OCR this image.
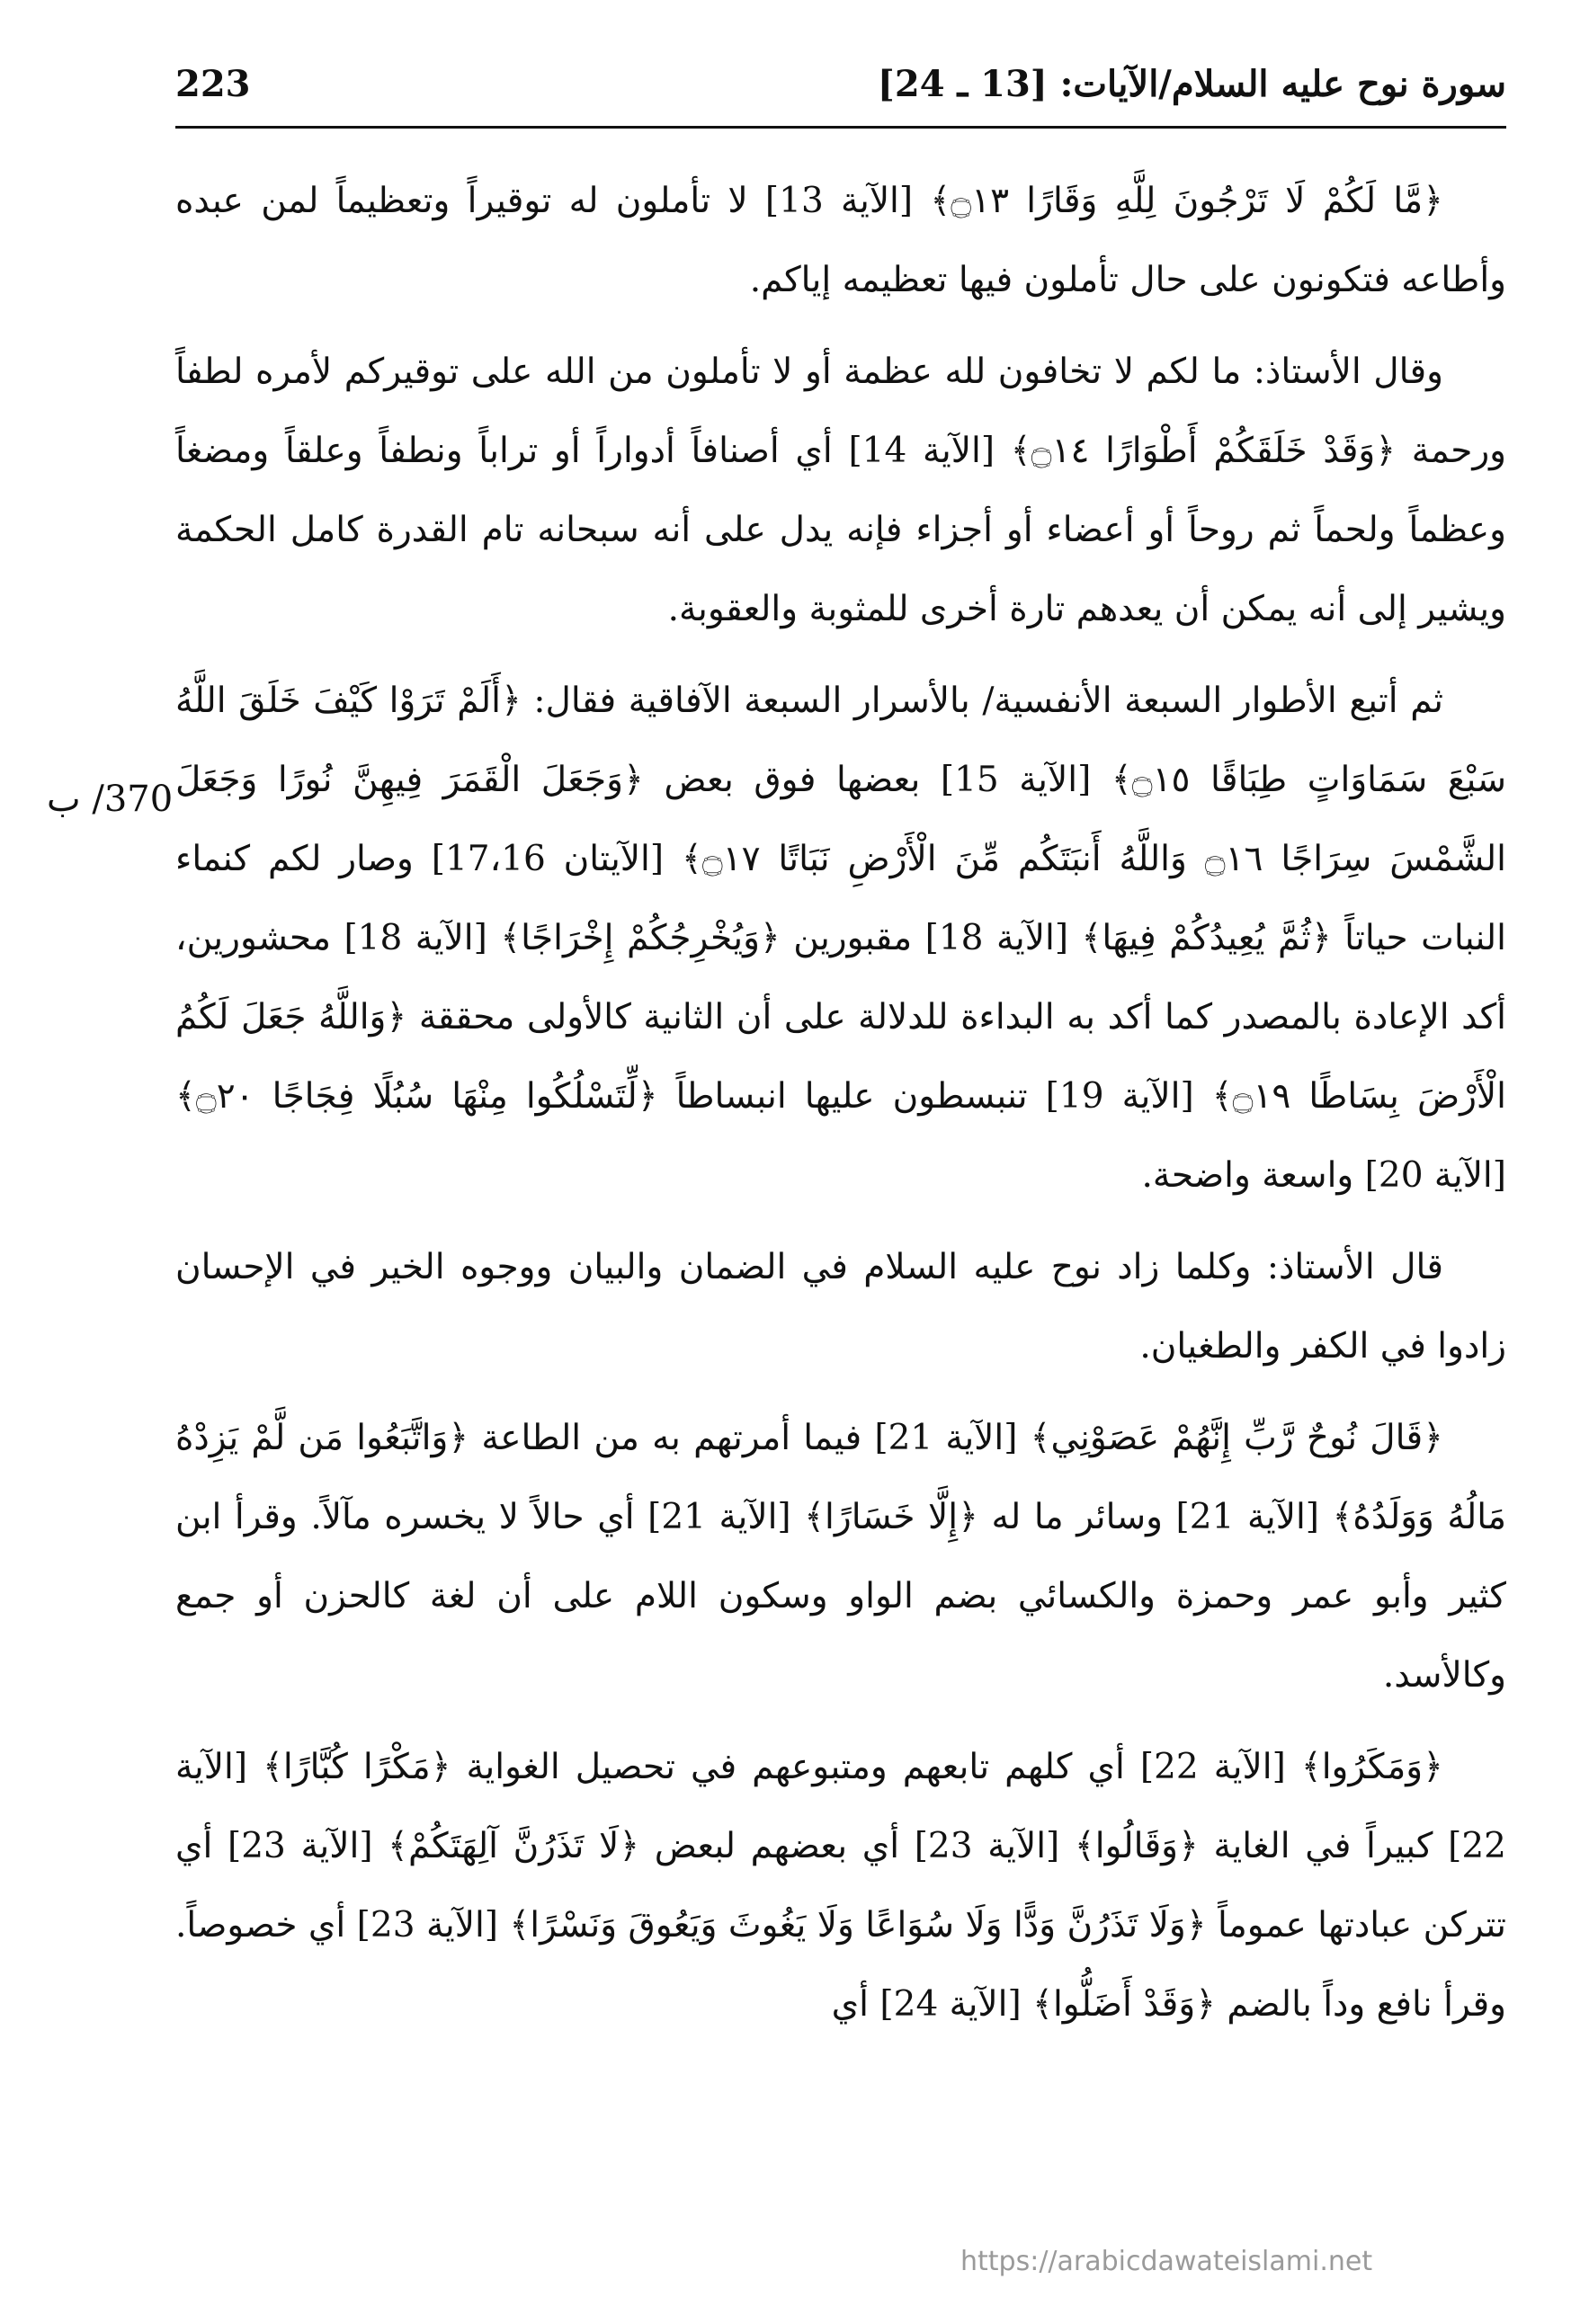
سورة نوح عليه السلام/الآيات: [13 ـ 24]
223
370/ ب

﴿مَّا لَكُمْ لَا تَرْجُونَ لِلَّهِ وَقَارًا ۝١٣﴾ [الآية 13] لا تأملون له توقيراً وتعظيماً لمن عبده وأطاعه فتكونون على حال تأملون فيها تعظيمه إياكم.

وقال الأستاذ: ما لكم لا تخافون لله عظمة أو لا تأملون من الله على توقيركم لأمره لطفاً ورحمة ﴿وَقَدْ خَلَقَكُمْ أَطْوَارًا ۝١٤﴾ [الآية 14] أي أصنافاً أدواراً أو تراباً ونطفاً وعلقاً ومضغاً وعظماً ولحماً ثم روحاً أو أعضاء أو أجزاء فإنه يدل على أنه سبحانه تام القدرة كامل الحكمة ويشير إلى أنه يمكن أن يعدهم تارة أخرى للمثوبة والعقوبة.

ثم أتبع الأطوار السبعة الأنفسية/ بالأسرار السبعة الآفاقية فقال: ﴿أَلَمْ تَرَوْا كَيْفَ خَلَقَ اللَّهُ سَبْعَ سَمَاوَاتٍ طِبَاقًا ۝١٥﴾ [الآية 15] بعضها فوق بعض ﴿وَجَعَلَ الْقَمَرَ فِيهِنَّ نُورًا وَجَعَلَ الشَّمْسَ سِرَاجًا ۝١٦ وَاللَّهُ أَنبَتَكُم مِّنَ الْأَرْضِ نَبَاتًا ۝١٧﴾ [الآيتان 17،16] وصار لكم كنماء النبات حياتاً ﴿ثُمَّ يُعِيدُكُمْ فِيهَا﴾ [الآية 18] مقبورين ﴿وَيُخْرِجُكُمْ إِخْرَاجًا﴾ [الآية 18] محشورين، أكد الإعادة بالمصدر كما أكد به البداءة للدلالة على أن الثانية كالأولى محققة ﴿وَاللَّهُ جَعَلَ لَكُمُ الْأَرْضَ بِسَاطًا ۝١٩﴾ [الآية 19] تنبسطون عليها انبساطاً ﴿لِّتَسْلُكُوا مِنْهَا سُبُلًا فِجَاجًا ۝٢٠﴾ [الآية 20] واسعة واضحة.

قال الأستاذ: وكلما زاد نوح عليه السلام في الضمان والبيان ووجوه الخير في الإحسان زادوا في الكفر والطغيان.

﴿قَالَ نُوحٌ رَّبِّ إِنَّهُمْ عَصَوْنِي﴾ [الآية 21] فيما أمرتهم به من الطاعة ﴿وَاتَّبَعُوا مَن لَّمْ يَزِدْهُ مَالُهُ وَوَلَدُهُ﴾ [الآية 21] وسائر ما له ﴿إِلَّا خَسَارًا﴾ [الآية 21] أي حالاً لا يخسره مآلاً. وقرأ ابن كثير وأبو عمر وحمزة والكسائي بضم الواو وسكون اللام على أن لغة كالحزن أو جمع وكالأسد.

﴿وَمَكَرُوا﴾ [الآية 22] أي كلهم تابعهم ومتبوعهم في تحصيل الغواية ﴿مَكْرًا كُبَّارًا﴾ [الآية 22] كبيراً في الغاية ﴿وَقَالُوا﴾ [الآية 23] أي بعضهم لبعض ﴿لَا تَذَرُنَّ آلِهَتَكُمْ﴾ [الآية 23] أي تتركن عبادتها عموماً ﴿وَلَا تَذَرُنَّ وَدًّا وَلَا سُوَاعًا وَلَا يَغُوثَ وَيَعُوقَ وَنَسْرًا﴾ [الآية 23] أي خصوصاً. وقرأ نافع وداً بالضم ﴿وَقَدْ أَضَلُّوا﴾ [الآية 24] أي

https://arabicdawateislami.net
